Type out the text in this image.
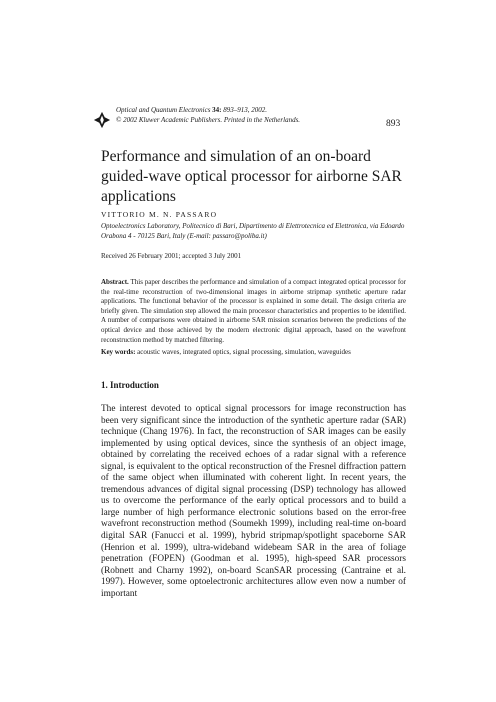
Optical and Quantum Electronics 34: 893–913, 2002.
© 2002 Kluwer Academic Publishers. Printed in the Netherlands.	893
Performance and simulation of an on-board guided-wave optical processor for airborne SAR applications
VITTORIO M. N. PASSARO
Optoelectronics Laboratory, Politecnico di Bari, Dipartimento di Elettrotecnica ed Elettronica, via Edoardo Orabona 4 - 70125 Bari, Italy (E-mail: passaro@poliba.it)
Received 26 February 2001; accepted 3 July 2001
Abstract. This paper describes the performance and simulation of a compact integrated optical processor for the real-time reconstruction of two-dimensional images in airborne stripmap synthetic aperture radar applications. The functional behavior of the processor is explained in some detail. The design criteria are briefly given. The simulation step allowed the main processor characteristics and properties to be identified. A number of comparisons were obtained in airborne SAR mission scenarios between the predictions of the optical device and those achieved by the modern electronic digital approach, based on the wavefront reconstruction method by matched filtering.
Key words: acoustic waves, integrated optics, signal processing, simulation, waveguides
1. Introduction
The interest devoted to optical signal processors for image reconstruction has been very significant since the introduction of the synthetic aperture radar (SAR) technique (Chang 1976). In fact, the reconstruction of SAR images can be easily implemented by using optical devices, since the synthesis of an object image, obtained by correlating the received echoes of a radar signal with a reference signal, is equivalent to the optical reconstruction of the Fresnel diffraction pattern of the same object when illuminated with coherent light. In recent years, the tremendous advances of digital signal processing (DSP) technology has allowed us to overcome the performance of the early optical processors and to build a large number of high performance electronic solutions based on the error-free wavefront reconstruction method (Soumekh 1999), including real-time on-board digital SAR (Fanucci et al. 1999), hybrid stripmap/spotlight spaceborne SAR (Henrion et al. 1999), ultra-wideband widebeam SAR in the area of foliage penetration (FOPEN) (Goodman et al. 1995), high-speed SAR processors (Robnett and Charny 1992), on-board ScanSAR processing (Cantraine et al. 1997). However, some optoelectronic architectures allow even now a number of important
